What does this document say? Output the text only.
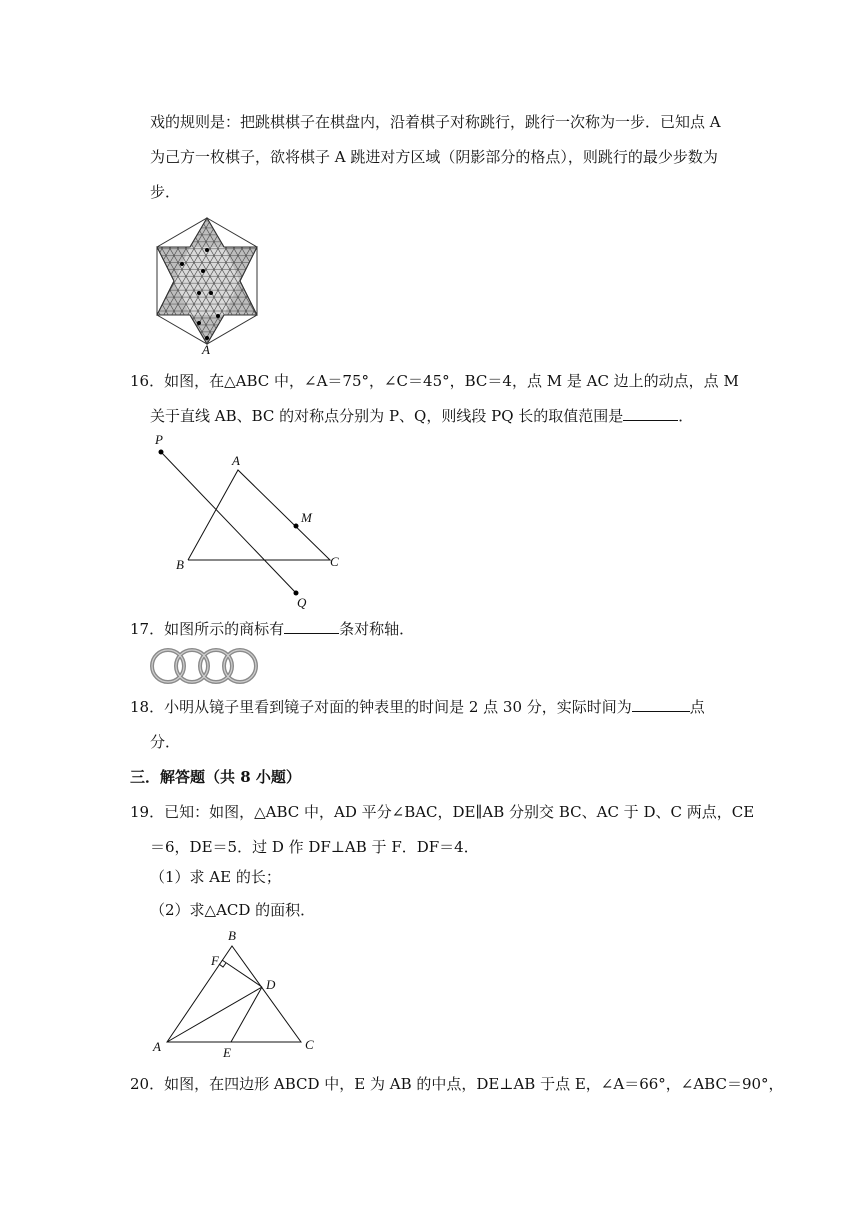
戏的规则是：把跳棋棋子在棋盘内，沿着棋子对称跳行，跳行一次称为一步．已知点 A
为己方一枚棋子，欲将棋子 A 跳进对方区域（阴影部分的格点），则跳行的最少步数为
步．
A
16．如图，在△ABC 中，∠A＝75°，∠C＝45°，BC＝4，点 M 是 AC 边上的动点，点 M
关于直线 AB、BC 的对称点分别为 P、Q，则线段 PQ 长的取值范围是	．
P
A
M
B	C
Q
17．如图所示的商标有	条对称轴．
18．小明从镜子里看到镜子对面的钟表里的时间是 2 点 30 分，实际时间为	点
分．
三．解答题（共 8 小题）
19．已知：如图，△ABC 中，AD 平分∠BAC，DE∥AB 分别交 BC、AC 于 D、C 两点，CE
＝6，DE＝5．过 D 作 DF⊥AB 于 F．DF＝4．
（1）求 AE 的长；
（2）求△ACD 的面积．
B
F
D
A	E
C
20．如图，在四边形 ABCD 中，E 为 AB 的中点，DE⊥AB 于点 E，∠A＝66°，∠ABC＝90°，
